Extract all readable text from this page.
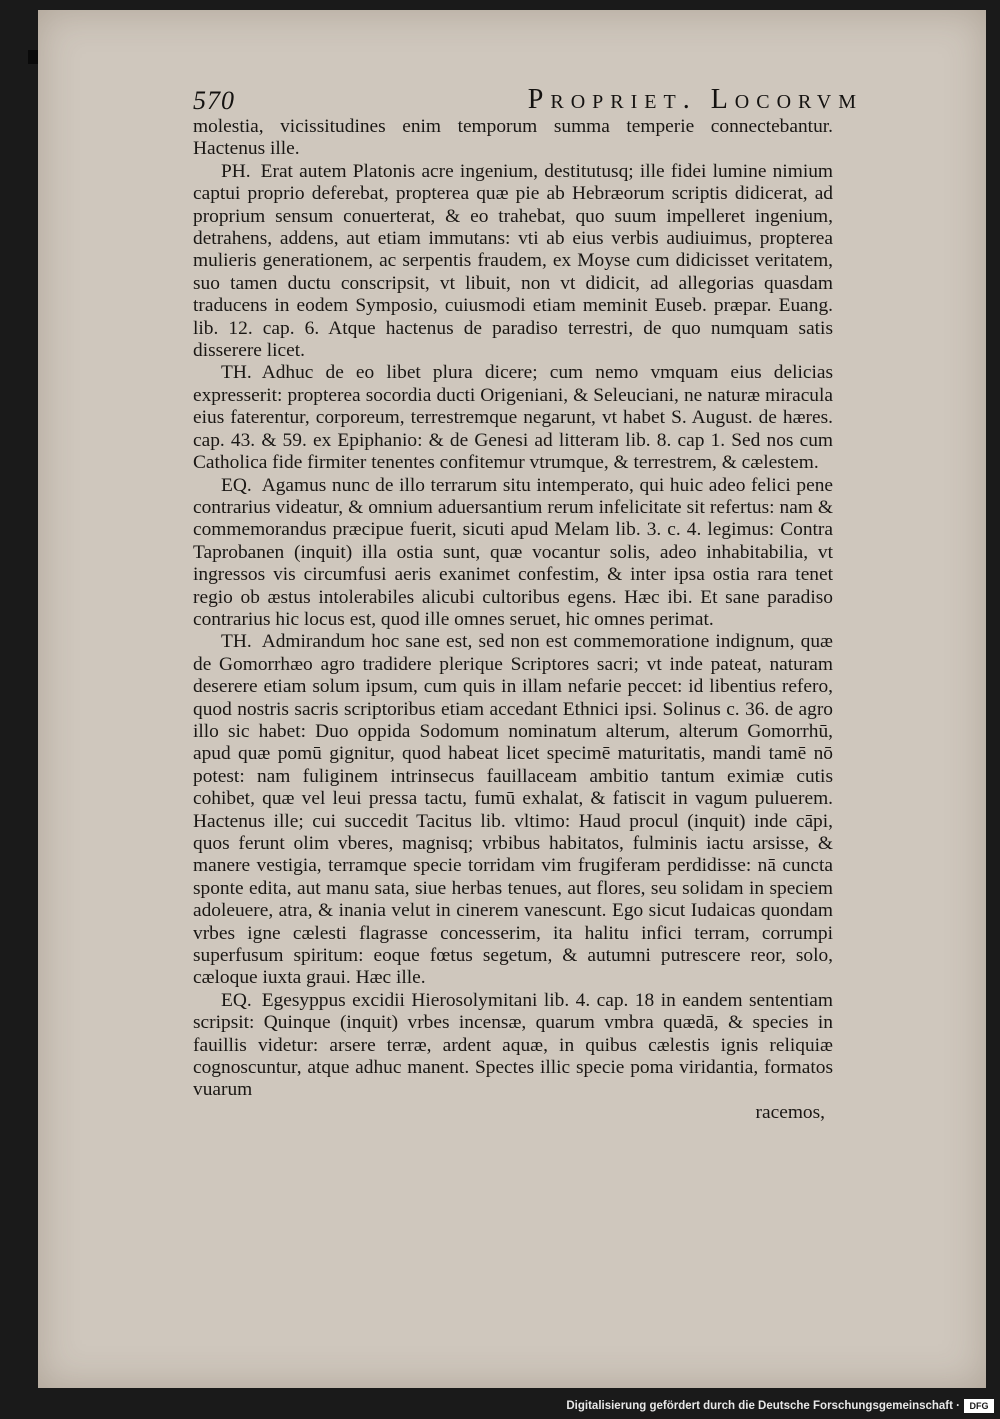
570	Propriet. Locorvm

molestia, vicissitudines enim temporum summa temperie connectebantur. Hactenus ille.

PH. Erat autem Platonis acre ingenium, destitutusq; ille fidei lumine nimium captui proprio deferebat, propterea quæ pie ab Hebræorum scriptis didicerat, ad proprium sensum conuerterat, & eo trahebat, quo suum impelleret ingenium, detrahens, addens, aut etiam immutans: vti ab eius verbis audiuimus, propterea mulieris generationem, ac serpentis fraudem, ex Moyse cum didicisset veritatem, suo tamen ductu conscripsit, vt libuit, non vt didicit, ad allegorias quasdam traducens in eodem Symposio, cuiusmodi etiam meminit Euseb. præpar. Euang. lib. 12. cap. 6. Atque hactenus de paradiso terrestri, de quo numquam satis disserere licet.

TH. Adhuc de eo libet plura dicere; cum nemo vmquam eius delicias expresserit: propterea socordia ducti Origeniani, & Seleuciani, ne naturæ miracula eius faterentur, corporeum, terrestremque negarunt, vt habet S. August. de hæres. cap. 43. & 59. ex Epiphanio: & de Genesi ad litteram lib. 8. cap 1. Sed nos cum Catholica fide firmiter tenentes confitemur vtrumque, & terrestrem, & cælestem.

EQ. Agamus nunc de illo terrarum situ intemperato, qui huic adeo felici pene contrarius videatur, & omnium aduersantium rerum infelicitate sit refertus: nam & commemorandus præcipue fuerit, sicuti apud Melam lib. 3. c. 4. legimus: Contra Taprobanen (inquit) illa ostia sunt, quæ vocantur solis, adeo inhabitabilia, vt ingressos vis circumfusi aeris exanimet confestim, & inter ipsa ostia rara tenet regio ob æstus intolerabiles alicubi cultoribus egens. Hæc ibi. Et sane paradiso contrarius hic locus est, quod ille omnes seruet, hic omnes perimat.

TH. Admirandum hoc sane est, sed non est commemoratione indignum, quæ de Gomorrhæo agro tradidere plerique Scriptores sacri; vt inde pateat, naturam deserere etiam solum ipsum, cum quis in illam nefarie peccet: id libentius refero, quod nostris sacris scriptoribus etiam accedant Ethnici ipsi. Solinus c. 36. de agro illo sic habet: Duo oppida Sodomum nominatum alterum, alterum Gomorrhū, apud quæ pomū gignitur, quod habeat licet specimē maturitatis, mandi tamē nō potest: nam fuliginem intrinsecus fauillaceam ambitio tantum eximiæ cutis cohibet, quæ vel leui pressa tactu, fumū exhalat, & fatiscit in vagum puluerem. Hactenus ille; cui succedit Tacitus lib. vltimo: Haud procul (inquit) inde cāpi, quos ferunt olim vberes, magnisq; vrbibus habitatos, fulminis iactu arsisse, & manere vestigia, terramque specie torridam vim frugiferam perdidisse: nā cuncta sponte edita, aut manu sata, siue herbas tenues, aut flores, seu solidam in speciem adoleuere, atra, & inania velut in cinerem vanescunt. Ego sicut Iudaicas quondam vrbes igne cælesti flagrasse concesserim, ita halitu infici terram, corrumpi superfusum spiritum: eoque fœtus segetum, & autumni putrescere reor, solo, cæloque iuxta graui. Hæc ille.

EQ. Egesyppus excidii Hierosolymitani lib. 4. cap. 18 in eandem sententiam scripsit: Quinque (inquit) vrbes incensæ, quarum vmbra quædā, & species in fauillis videtur: arsere terræ, ardent aquæ, in quibus cælestis ignis reliquiæ cognoscuntur, atque adhuc manent. Spectes illic specie poma viridantia, formatos vuarum

racemos,

Digitalisierung gefördert durch die Deutsche Forschungsgemeinschaft ·	DFG
